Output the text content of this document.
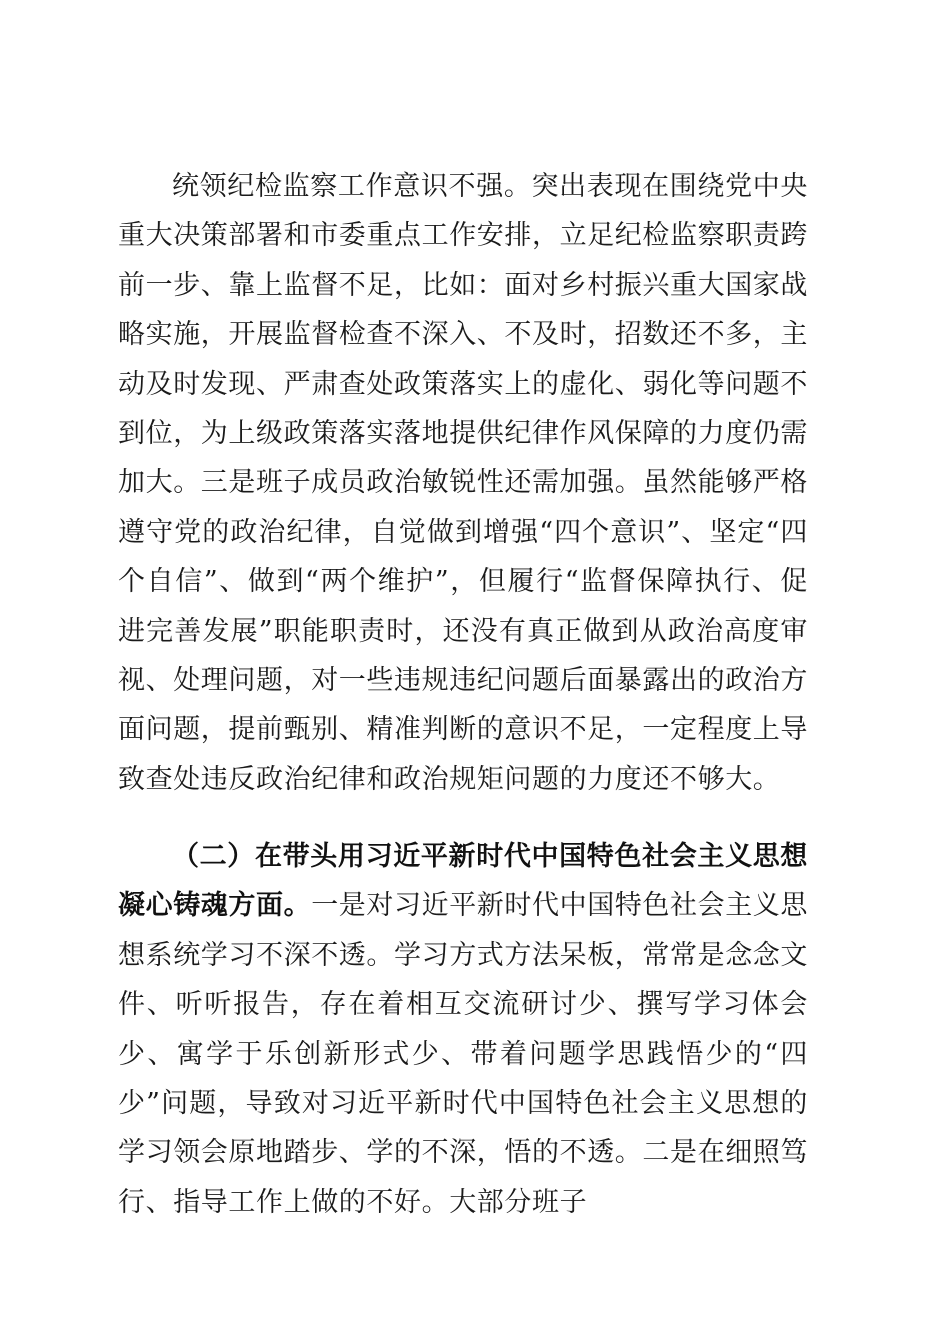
统领纪检监察工作意识不强。突出表现在围绕党中央重大决策部署和市委重点工作安排，立足纪检监察职责跨前一步、靠上监督不足，比如：面对乡村振兴重大国家战略实施，开展监督检查不深入、不及时，招数还不多，主动及时发现、严肃查处政策落实上的虚化、弱化等问题不到位，为上级政策落实落地提供纪律作风保障的力度仍需加大。三是班子成员政治敏锐性还需加强。虽然能够严格遵守党的政治纪律，自觉做到增强“四个意识”、坚定“四个自信”、做到“两个维护”，但履行“监督保障执行、促进完善发展”职能职责时，还没有真正做到从政治高度审视、处理问题，对一些违规违纪问题后面暴露出的政治方面问题，提前甄别、精准判断的意识不足，一定程度上导致查处违反政治纪律和政治规矩问题的力度还不够大。

（二）在带头用习近平新时代中国特色社会主义思想凝心铸魂方面。一是对习近平新时代中国特色社会主义思想系统学习不深不透。学习方式方法呆板，常常是念念文件、听听报告，存在着相互交流研讨少、撰写学习体会少、寓学于乐创新形式少、带着问题学思践悟少的“四少”问题，导致对习近平新时代中国特色社会主义思想的学习领会原地踏步、学的不深，悟的不透。二是在细照笃行、指导工作上做的不好。大部分班子
